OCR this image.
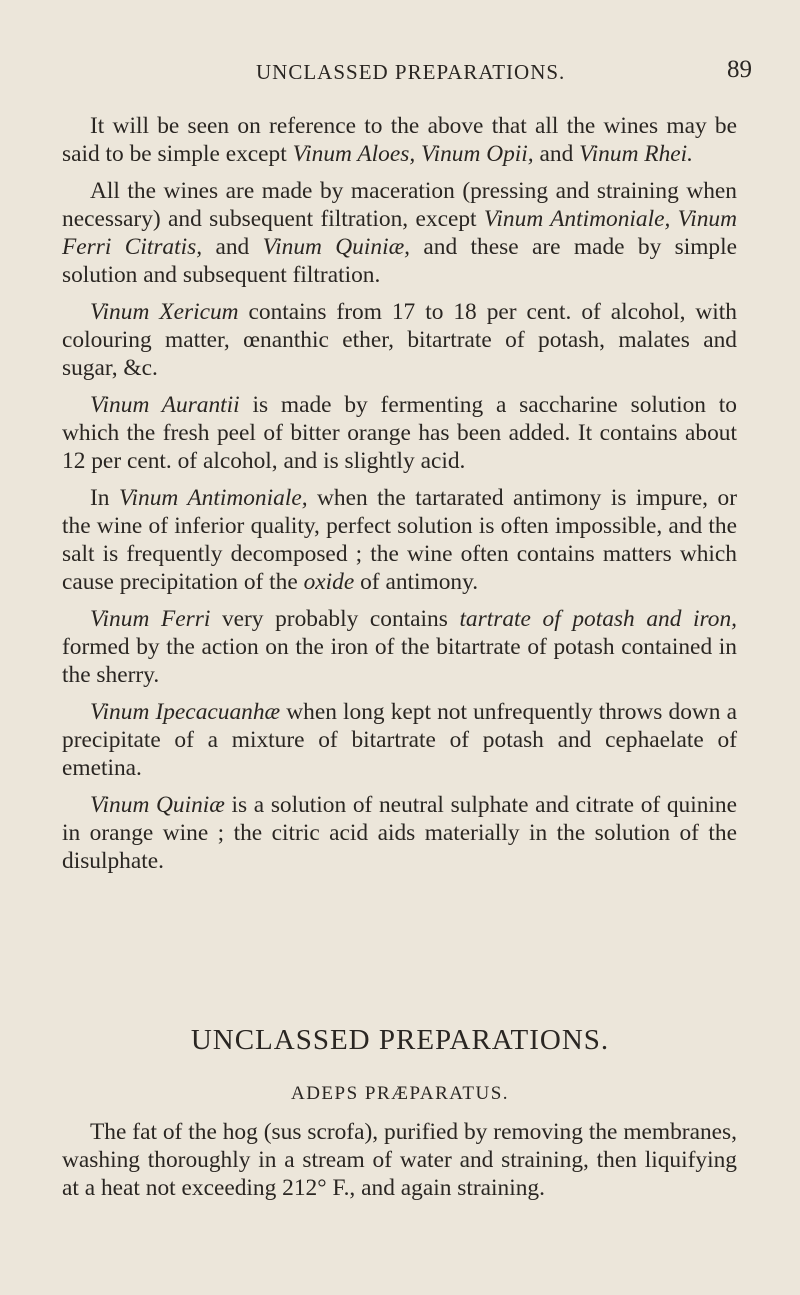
UNCLASSED PREPARATIONS.	89

It will be seen on reference to the above that all the wines may be said to be simple except Vinum Aloes, Vinum Opii, and Vinum Rhei.

All the wines are made by maceration (pressing and straining when necessary) and subsequent filtration, except Vinum Antimoniale, Vinum Ferri Citratis, and Vinum Quiniæ, and these are made by simple solution and subsequent filtration.

Vinum Xericum contains from 17 to 18 per cent. of alcohol, with colouring matter, œnanthic ether, bitartrate of potash, malates and sugar, &c.

Vinum Aurantii is made by fermenting a saccharine solution to which the fresh peel of bitter orange has been added. It contains about 12 per cent. of alcohol, and is slightly acid.

In Vinum Antimoniale, when the tartarated antimony is impure, or the wine of inferior quality, perfect solution is often impossible, and the salt is frequently decomposed ; the wine often contains matters which cause precipitation of the oxide of antimony.

Vinum Ferri very probably contains tartrate of potash and iron, formed by the action on the iron of the bitartrate of potash contained in the sherry.

Vinum Ipecacuanhæ when long kept not unfrequently throws down a precipitate of a mixture of bitartrate of potash and cephaelate of emetina.

Vinum Quiniæ is a solution of neutral sulphate and citrate of quinine in orange wine ; the citric acid aids materially in the solution of the disulphate.

UNCLASSED PREPARATIONS.
ADEPS PRÆPARATUS.

The fat of the hog (sus scrofa), purified by removing the membranes, washing thoroughly in a stream of water and straining, then liquifying at a heat not exceeding 212° F., and again straining.
